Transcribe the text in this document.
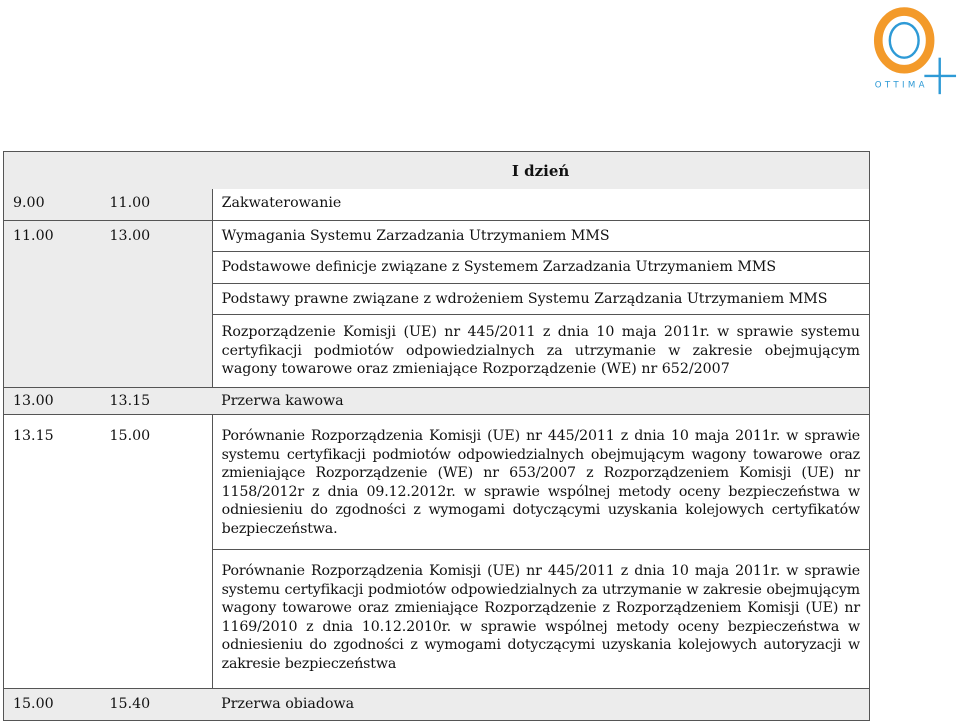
OTTIMA
		I dzień
9.00	11.00	Zakwaterowanie
11.00	13.00	Wymagania Systemu Zarzadzania Utrzymaniem MMS
		Podstawowe definicje związane z Systemem Zarzadzania Utrzymaniem MMS
		Podstawy prawne związane z wdrożeniem Systemu Zarządzania Utrzymaniem MMS
		Rozporządzenie Komisji (UE) nr 445/2011 z dnia 10 maja 2011r. w sprawie systemu certyfikacji podmiotów odpowiedzialnych za utrzymanie w zakresie obejmującym wagony towarowe oraz zmieniające Rozporządzenie (WE) nr 652/2007
13.00	13.15	Przerwa kawowa
13.15	15.00	Porównanie Rozporządzenia Komisji (UE) nr 445/2011 z dnia 10 maja 2011r. w sprawie systemu certyfikacji podmiotów odpowiedzialnych obejmującym wagony towarowe oraz zmieniające Rozporządzenie (WE) nr 653/2007 z Rozporządzeniem Komisji (UE) nr 1158/2012r z dnia 09.12.2012r. w sprawie wspólnej metody oceny bezpieczeństwa w odniesieniu do zgodności z wymogami dotyczącymi uzyskania kolejowych certyfikatów bezpieczeństwa.
		Porównanie Rozporządzenia Komisji (UE) nr 445/2011 z dnia 10 maja 2011r. w sprawie systemu certyfikacji podmiotów odpowiedzialnych za utrzymanie w zakresie obejmującym wagony towarowe oraz zmieniające Rozporządzenie z Rozporządzeniem Komisji (UE) nr 1169/2010 z dnia 10.12.2010r. w sprawie wspólnej metody oceny bezpieczeństwa w odniesieniu do zgodności z wymogami dotyczącymi uzyskania kolejowych autoryzacji w zakresie bezpieczeństwa
15.00	15.40	Przerwa obiadowa
